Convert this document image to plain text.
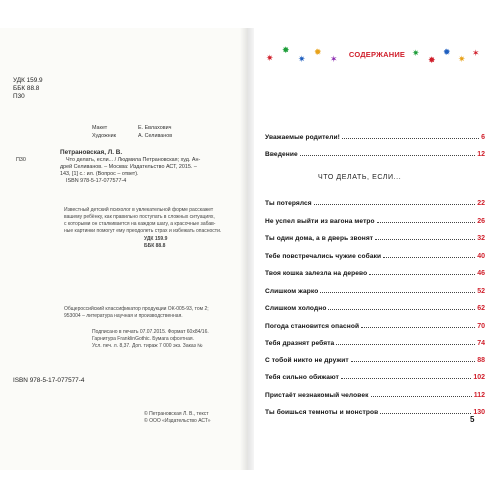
УДК 159.9
ББК 88.8
П30
Макет	Е. Евлахович
Художник	А. Селиванов
П30
Петрановская, Л. В.
Что делать, если... / Людмила Петрановская; худ. Ан-
дрей Селиванов. – Москва: Издательство АСТ, 2015. –
143, [1] с.: ил. (Вопрос – ответ).
ISBN 978-5-17-077577-4
Известный детский психолог в увлекательной форме расскажет
вашему ребёнку, как правильно поступать в сложных ситуациях,
с которыми он сталкивается на каждом шагу, а красочные забав-
ные картинки помогут ему преодолеть страх и избежать опасности.
УДК 159.9
ББК 88.8
Общероссийский классификатор продукции ОК-005-93, том 2;
953004 – литература научная и производственная.
Подписано в печать 07.07.2015. Формат 60х84/16.
Гарнитура FranklinGothic. Бумага офсетная.
Усл. печ. л. 8,37. Доп. тираж 7 000 экз. Заказ №
ISBN 978-5-17-077577-4
© Петрановская Л. В., текст
© ООО «Издательство АСТ»
✷
✸
✷
✹
✶ СОДЕРЖАНИЕ ✷
✸
✹
✷
✶
Уважаемые родители!	6
Введение	12
ЧТО ДЕЛАТЬ, ЕСЛИ...
Ты потерялся	22
Не успел выйти из вагона метро	26
Ты один дома, а в дверь звонят	32
Тебе повстречались чужие собаки	40
Твоя кошка залезла на дерево	46
Слишком жарко	52
Слишком холодно	62
Погода становится опасной	70
Тебя дразнят ребята	74
С тобой никто не дружит	88
Тебя сильно обижают	102
Пристаёт незнакомый человек	112
Ты боишься темноты и монстров	130
5
